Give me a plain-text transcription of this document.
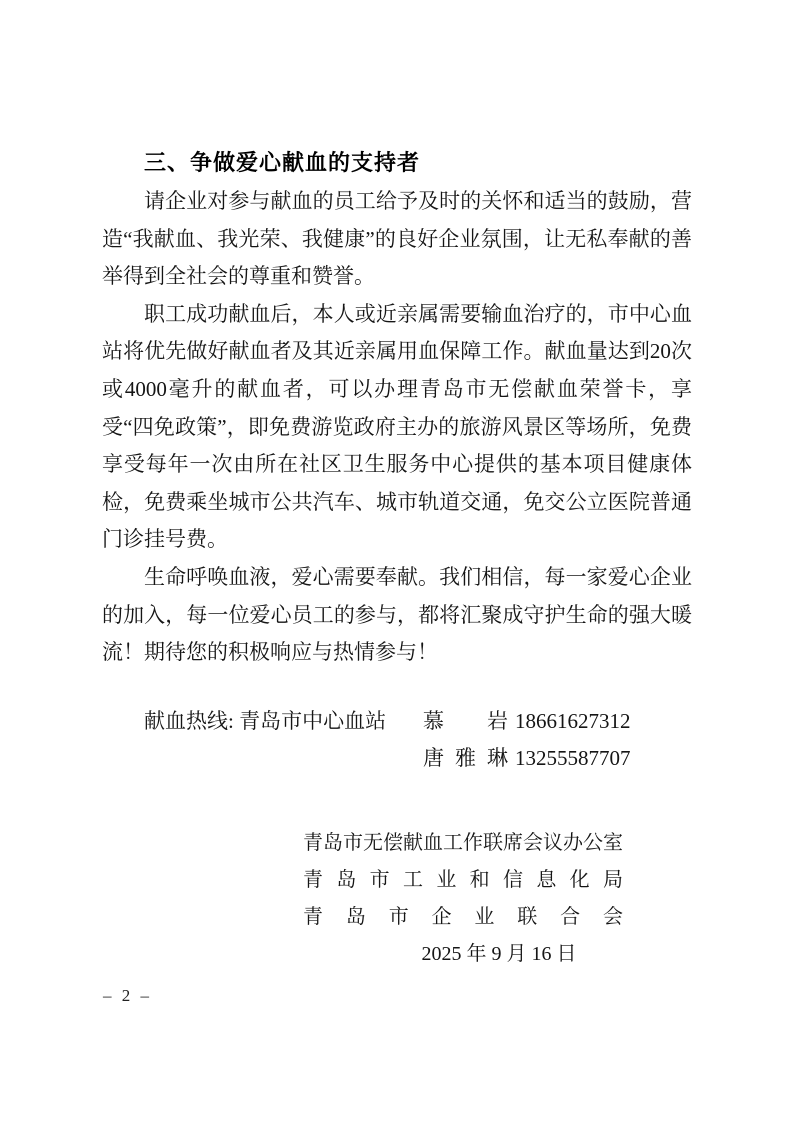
三、争做爱心献血的支持者

请企业对参与献血的员工给予及时的关怀和适当的鼓励，营造“我献血、我光荣、我健康”的良好企业氛围，让无私奉献的善举得到全社会的尊重和赞誉。

职工成功献血后，本人或近亲属需要输血治疗的，市中心血站将优先做好献血者及其近亲属用血保障工作。献血量达到20次或4000毫升的献血者，可以办理青岛市无偿献血荣誉卡，享受“四免政策”，即免费游览政府主办的旅游风景区等场所，免费享受每年一次由所在社区卫生服务中心提供的基本项目健康体检，免费乘坐城市公共汽车、城市轨道交通，免交公立医院普通门诊挂号费。

生命呼唤血液，爱心需要奉献。我们相信，每一家爱心企业的加入，每一位爱心员工的参与，都将汇聚成守护生命的强大暖流！期待您的积极响应与热情参与！

献血热线: 青岛市中心血站	慕 岩 18661627312
唐雅琳 13255587707
青岛市无偿献血工作联席会议办公室
青岛市工业和信息化局
青岛市企业联合会
2025 年 9 月 16 日
– 2 –
